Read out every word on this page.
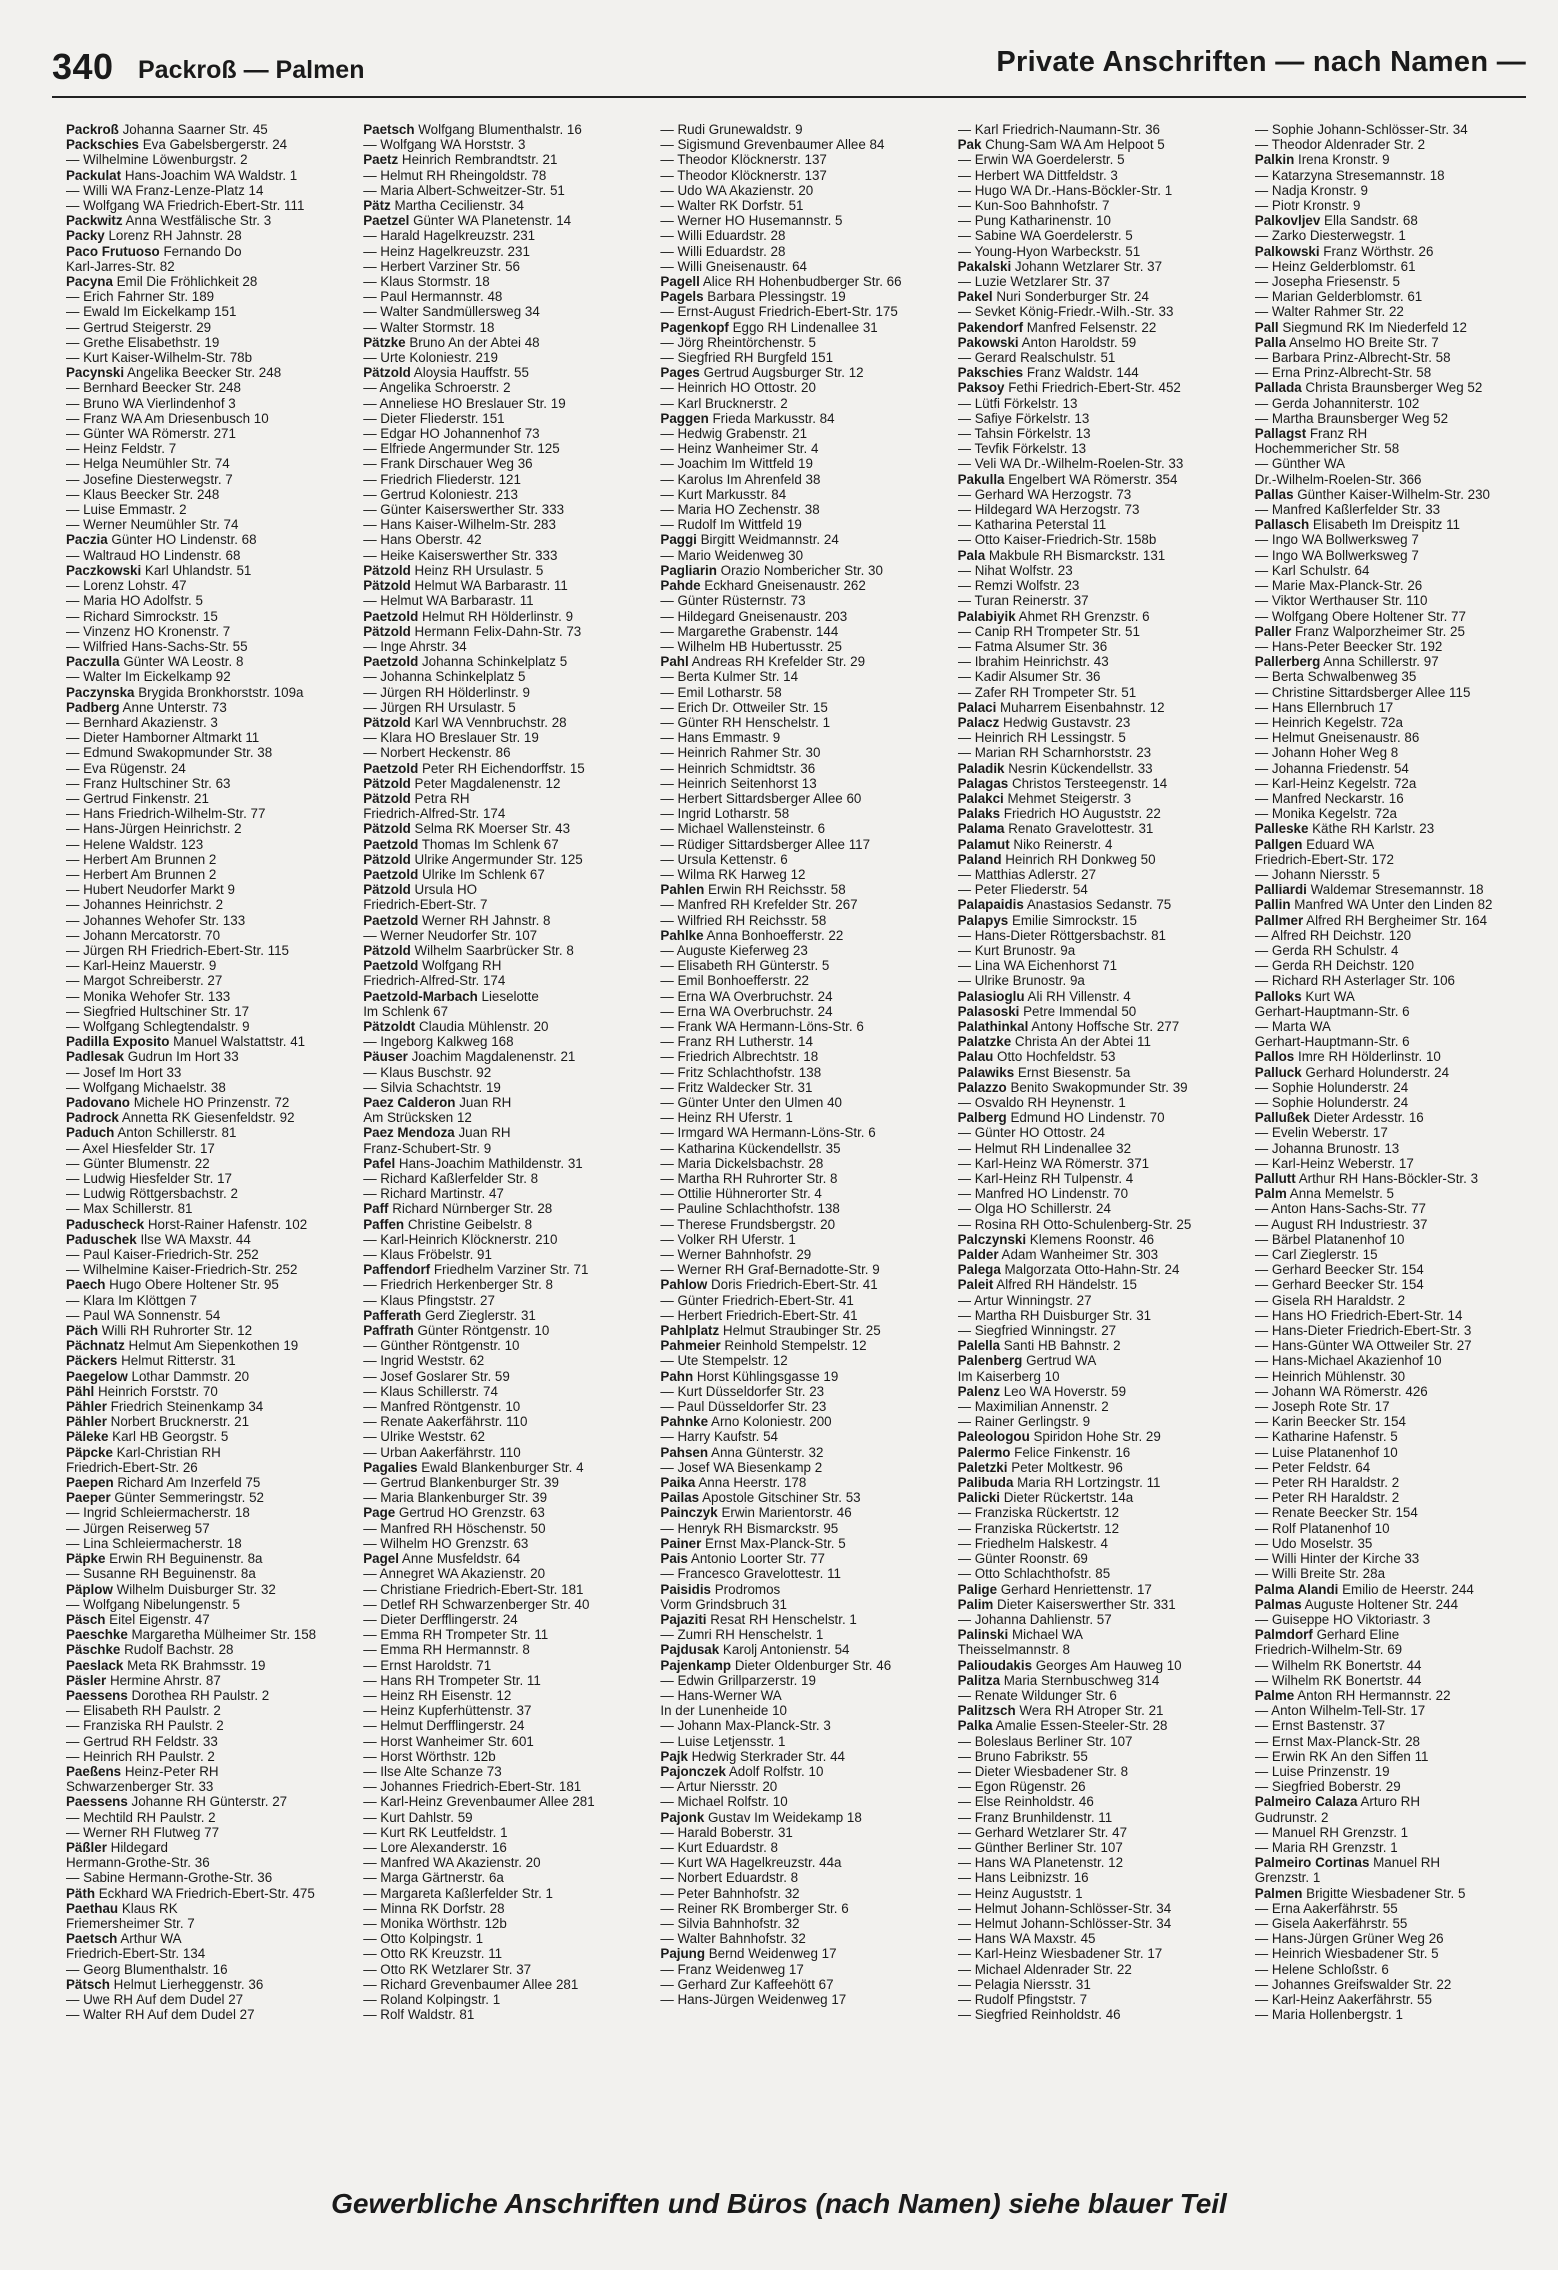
340 Packroß — Palmen	Private Anschriften — nach Namen —
Packroß Johanna Saarner Str. 45
Packschies Eva Gabelsbergerstr. 24
— Wilhelmine Löwenburgstr. 2
Packulat Hans-Joachim WA Waldstr. 1
— Willi WA Franz-Lenze-Platz 14
— Wolfgang WA Friedrich-Ebert-Str. 111
Packwitz Anna Westfälische Str. 3
Packy Lorenz RH Jahnstr. 28
Paco Frutuoso Fernando Do
Karl-Jarres-Str. 82
Pacyna Emil Die Fröhlichkeit 28
— Erich Fahrner Str. 189
— Ewald Im Eickelkamp 151
— Gertrud Steigerstr. 29
— Grethe Elisabethstr. 19
— Kurt Kaiser-Wilhelm-Str. 78b
Pacynski Angelika Beecker Str. 248
— Bernhard Beecker Str. 248
— Bruno WA Vierlindenhof 3
— Franz WA Am Driesenbusch 10
— Günter WA Römerstr. 271
— Heinz Feldstr. 7
— Helga Neumühler Str. 74
— Josefine Diesterwegstr. 7
— Klaus Beecker Str. 248
— Luise Emmastr. 2
— Werner Neumühler Str. 74
Paczia Günter HO Lindenstr. 68
— Waltraud HO Lindenstr. 68
Paczkowski Karl Uhlandstr. 51
— Lorenz Lohstr. 47
— Maria HO Adolfstr. 5
— Richard Simrockstr. 15
— Vinzenz HO Kronenstr. 7
— Wilfried Hans-Sachs-Str. 55
Paczulla Günter WA Leostr. 8
— Walter Im Eickelkamp 92
Paczynska Brygida Bronkhorststr. 109a
Padberg Anne Unterstr. 73
— Bernhard Akazienstr. 3
— Dieter Hamborner Altmarkt 11
— Edmund Swakopmunder Str. 38
— Eva Rügenstr. 24
— Franz Hultschiner Str. 63
— Gertrud Finkenstr. 21
— Hans Friedrich-Wilhelm-Str. 77
— Hans-Jürgen Heinrichstr. 2
— Helene Waldstr. 123
— Herbert Am Brunnen 2
— Herbert Am Brunnen 2
— Hubert Neudorfer Markt 9
— Johannes Heinrichstr. 2
— Johannes Wehofer Str. 133
— Johann Mercatorstr. 70
— Jürgen RH Friedrich-Ebert-Str. 115
— Karl-Heinz Mauerstr. 9
— Margot Schreiberstr. 27
— Monika Wehofer Str. 133
— Siegfried Hultschiner Str. 17
— Wolfgang Schlegtendalstr. 9
Padilla Exposito Manuel Walstattstr. 41
Padlesak Gudrun Im Hort 33
— Josef Im Hort 33
— Wolfgang Michaelstr. 38
Padovano Michele HO Prinzenstr. 72
Padrock Annetta RK Giesenfeldstr. 92
Paduch Anton Schillerstr. 81
— Axel Hiesfelder Str. 17
— Günter Blumenstr. 22
— Ludwig Hiesfelder Str. 17
— Ludwig Röttgersbachstr. 2
— Max Schillerstr. 81
Paduscheck Horst-Rainer Hafenstr. 102
Paduschek Ilse WA Maxstr. 44
— Paul Kaiser-Friedrich-Str. 252
— Wilhelmine Kaiser-Friedrich-Str. 252
Paech Hugo Obere Holtener Str. 95
— Klara Im Klöttgen 7
— Paul WA Sonnenstr. 54
Päch Willi RH Ruhrorter Str. 12
Pächnatz Helmut Am Siepenkothen 19
Päckers Helmut Ritterstr. 31
Paegelow Lothar Dammstr. 20
Pähl Heinrich Forststr. 70
Pähler Friedrich Steinenkamp 34
Pähler Norbert Brucknerstr. 21
Päleke Karl HB Georgstr. 5
Päpcke Karl-Christian RH
Friedrich-Ebert-Str. 26
Paepen Richard Am Inzerfeld 75
Paeper Günter Semmeringstr. 52
— Ingrid Schleiermacherstr. 18
— Jürgen Reiserweg 57
— Lina Schleiermacherstr. 18
Päpke Erwin RH Beguinenstr. 8a
— Susanne RH Beguinenstr. 8a
Päplow Wilhelm Duisburger Str. 32
— Wolfgang Nibelungenstr. 5
Päsch Eitel Eigenstr. 47
Paeschke Margaretha Mülheimer Str. 158
Päschke Rudolf Bachstr. 28
Paeslack Meta RK Brahmsstr. 19
Päsler Hermine Ahrstr. 87
Paessens Dorothea RH Paulstr. 2
— Elisabeth RH Paulstr. 2
— Franziska RH Paulstr. 2
— Gertrud RH Feldstr. 33
— Heinrich RH Paulstr. 2
Paeßens Heinz-Peter RH
Schwarzenberger Str. 33
Paessens Johanne RH Günterstr. 27
— Mechtild RH Paulstr. 2
— Werner RH Flutweg 77
Päßler Hildegard
Hermann-Grothe-Str. 36
— Sabine Hermann-Grothe-Str. 36
Päth Eckhard WA Friedrich-Ebert-Str. 475
Paethau Klaus RK
Friemersheimer Str. 7
Paetsch Arthur WA
Friedrich-Ebert-Str. 134
— Georg Blumenthalstr. 16
Pätsch Helmut Lierheggenstr. 36
— Uwe RH Auf dem Dudel 27
— Walter RH Auf dem Dudel 27
Paetsch Wolfgang Blumenthalstr. 16
— Wolfgang WA Horststr. 3
Paetz Heinrich Rembrandtstr. 21
— Helmut RH Rheingoldstr. 78
— Maria Albert-Schweitzer-Str. 51
Pätz Martha Cecilienstr. 34
Paetzel Günter WA Planetenstr. 14
— Harald Hagelkreuzstr. 231
— Heinz Hagelkreuzstr. 231
— Herbert Varziner Str. 56
— Klaus Stormstr. 18
— Paul Hermannstr. 48
— Walter Sandmüllersweg 34
— Walter Stormstr. 18
Pätzke Bruno An der Abtei 48
— Urte Koloniestr. 219
Pätzold Aloysia Hauffstr. 55
— Angelika Schroerstr. 2
— Anneliese HO Breslauer Str. 19
— Dieter Fliederstr. 151
— Edgar HO Johannenhof 73
— Elfriede Angermunder Str. 125
— Frank Dirschauer Weg 36
— Friedrich Fliederstr. 121
— Gertrud Koloniestr. 213
— Günter Kaiserswerther Str. 333
— Hans Kaiser-Wilhelm-Str. 283
— Hans Oberstr. 42
— Heike Kaiserswerther Str. 333
Pätzold Heinz RH Ursulastr. 5
Pätzold Helmut WA Barbarastr. 11
— Helmut WA Barbarastr. 11
Paetzold Helmut RH Hölderlinstr. 9
Pätzold Hermann Felix-Dahn-Str. 73
— Inge Ahrstr. 34
Paetzold Johanna Schinkelplatz 5
— Johanna Schinkelplatz 5
— Jürgen RH Hölderlinstr. 9
— Jürgen RH Ursulastr. 5
Pätzold Karl WA Vennbruchstr. 28
— Klara HO Breslauer Str. 19
— Norbert Heckenstr. 86
Paetzold Peter RH Eichendorffstr. 15
Pätzold Peter Magdalenenstr. 12
Pätzold Petra RH
Friedrich-Alfred-Str. 174
Pätzold Selma RK Moerser Str. 43
Paetzold Thomas Im Schlenk 67
Pätzold Ulrike Angermunder Str. 125
Paetzold Ulrike Im Schlenk 67
Pätzold Ursula HO
Friedrich-Ebert-Str. 7
Paetzold Werner RH Jahnstr. 8
— Werner Neudorfer Str. 107
Pätzold Wilhelm Saarbrücker Str. 8
Paetzold Wolfgang RH
Friedrich-Alfred-Str. 174
Paetzold-Marbach Lieselotte
Im Schlenk 67
Pätzoldt Claudia Mühlenstr. 20
— Ingeborg Kalkweg 168
Päuser Joachim Magdalenenstr. 21
— Klaus Buschstr. 92
— Silvia Schachtstr. 19
Paez Calderon Juan RH
Am Strücksken 12
Paez Mendoza Juan RH
Franz-Schubert-Str. 9
Pafel Hans-Joachim Mathildenstr. 31
— Richard Kaßlerfelder Str. 8
— Richard Martinstr. 47
Paff Richard Nürnberger Str. 28
Paffen Christine Geibelstr. 8
— Karl-Heinrich Klöcknerstr. 210
— Klaus Fröbelstr. 91
Paffendorf Friedhelm Varziner Str. 71
— Friedrich Herkenberger Str. 8
— Klaus Pfingststr. 27
Pafferath Gerd Zieglerstr. 31
Paffrath Günter Röntgenstr. 10
— Günther Röntgenstr. 10
— Ingrid Weststr. 62
— Josef Goslarer Str. 59
— Klaus Schillerstr. 74
— Manfred Röntgenstr. 10
— Renate Aakerfährstr. 110
— Ulrike Weststr. 62
— Urban Aakerfährstr. 110
Pagalies Ewald Blankenburger Str. 4
— Gertrud Blankenburger Str. 39
— Maria Blankenburger Str. 39
Page Gertrud HO Grenzstr. 63
— Manfred RH Höschenstr. 50
— Wilhelm HO Grenzstr. 63
Pagel Anne Musfeldstr. 64
— Annegret WA Akazienstr. 20
— Christiane Friedrich-Ebert-Str. 181
— Detlef RH Schwarzenberger Str. 40
— Dieter Derfflingerstr. 24
— Emma RH Trompeter Str. 11
— Emma RH Hermannstr. 8
— Ernst Haroldstr. 71
— Hans RH Trompeter Str. 11
— Heinz RH Eisenstr. 12
— Heinz Kupferhüttenstr. 37
— Helmut Derfflingerstr. 24
— Horst Wanheimer Str. 601
— Horst Wörthstr. 12b
— Ilse Alte Schanze 73
— Johannes Friedrich-Ebert-Str. 181
— Karl-Heinz Grevenbaumer Allee 281
— Kurt Dahlstr. 59
— Kurt RK Leutfeldstr. 1
— Lore Alexanderstr. 16
— Manfred WA Akazienstr. 20
— Marga Gärtnerstr. 6a
— Margareta Kaßlerfelder Str. 1
— Minna RK Dorfstr. 28
— Monika Wörthstr. 12b
— Otto Kolpingstr. 1
— Otto RK Kreuzstr. 11
— Otto RK Wetzlarer Str. 37
— Richard Grevenbaumer Allee 281
— Roland Kolpingstr. 1
— Rolf Waldstr. 81
— Rudi Grunewaldstr. 9
— Sigismund Grevenbaumer Allee 84
— Theodor Klöcknerstr. 137
— Theodor Klöcknerstr. 137
— Udo WA Akazienstr. 20
— Walter RK Dorfstr. 51
— Werner HO Husemannstr. 5
— Willi Eduardstr. 28
— Willi Eduardstr. 28
— Willi Gneisenaustr. 64
Pagell Alice RH Hohenbudberger Str. 66
Pagels Barbara Plessingstr. 19
— Ernst-August Friedrich-Ebert-Str. 175
Pagenkopf Eggo RH Lindenallee 31
— Jörg Rheintörchenstr. 5
— Siegfried RH Burgfeld 151
Pages Gertrud Augsburger Str. 12
— Heinrich HO Ottostr. 20
— Karl Brucknerstr. 2
Paggen Frieda Markusstr. 84
— Hedwig Grabenstr. 21
— Heinz Wanheimer Str. 4
— Joachim Im Wittfeld 19
— Karolus Im Ahrenfeld 38
— Kurt Markusstr. 84
— Maria HO Zechenstr. 38
— Rudolf Im Wittfeld 19
Paggi Birgitt Weidmannstr. 24
— Mario Weidenweg 30
Pagliarin Orazio Nombericher Str. 30
Pahde Eckhard Gneisenaustr. 262
— Günter Rüsternstr. 73
— Hildegard Gneisenaustr. 203
— Margarethe Grabenstr. 144
— Wilhelm HB Hubertusstr. 25
Pahl Andreas RH Krefelder Str. 29
— Berta Kulmer Str. 14
— Emil Lotharstr. 58
— Erich Dr. Ottweiler Str. 15
— Günter RH Henschelstr. 1
— Hans Emmastr. 9
— Heinrich Rahmer Str. 30
— Heinrich Schmidtstr. 36
— Heinrich Seitenhorst 13
— Herbert Sittardsberger Allee 60
— Ingrid Lotharstr. 58
— Michael Wallensteinstr. 6
— Rüdiger Sittardsberger Allee 117
— Ursula Kettenstr. 6
— Wilma RK Harweg 12
Pahlen Erwin RH Reichsstr. 58
— Manfred RH Krefelder Str. 267
— Wilfried RH Reichsstr. 58
Pahlke Anna Bonhoefferstr. 22
— Auguste Kieferweg 23
— Elisabeth RH Günterstr. 5
— Emil Bonhoefferstr. 22
— Erna WA Overbruchstr. 24
— Erna WA Overbruchstr. 24
— Frank WA Hermann-Löns-Str. 6
— Franz RH Lutherstr. 14
— Friedrich Albrechtstr. 18
— Fritz Schlachthofstr. 138
— Fritz Waldecker Str. 31
— Günter Unter den Ulmen 40
— Heinz RH Uferstr. 1
— Irmgard WA Hermann-Löns-Str. 6
— Katharina Kückendellstr. 35
— Maria Dickelsbachstr. 28
— Martha RH Ruhrorter Str. 8
— Ottilie Hühnerorter Str. 4
— Pauline Schlachthofstr. 138
— Therese Frundsbergstr. 20
— Volker RH Uferstr. 1
— Werner Bahnhofstr. 29
— Werner RH Graf-Bernadotte-Str. 9
Pahlow Doris Friedrich-Ebert-Str. 41
— Günter Friedrich-Ebert-Str. 41
— Herbert Friedrich-Ebert-Str. 41
Pahlplatz Helmut Straubinger Str. 25
Pahmeier Reinhold Stempelstr. 12
— Ute Stempelstr. 12
Pahn Horst Kühlingsgasse 19
— Kurt Düsseldorfer Str. 23
— Paul Düsseldorfer Str. 23
Pahnke Arno Koloniestr. 200
— Harry Kaufstr. 54
Pahsen Anna Günterstr. 32
— Josef WA Biesenkamp 2
Paika Anna Heerstr. 178
Pailas Apostole Gitschiner Str. 53
Painczyk Erwin Marientorstr. 46
— Henryk RH Bismarckstr. 95
Painer Ernst Max-Planck-Str. 5
Pais Antonio Loorter Str. 77
— Francesco Gravelottestr. 11
Paisidis Prodromos
Vorm Grindsbruch 31
Pajaziti Resat RH Henschelstr. 1
— Zumri RH Henschelstr. 1
Pajdusak Karolj Antonienstr. 54
Pajenkamp Dieter Oldenburger Str. 46
— Edwin Grillparzerstr. 19
— Hans-Werner WA
In der Lunenheide 10
— Johann Max-Planck-Str. 3
— Luise Letjensstr. 1
Pajk Hedwig Sterkrader Str. 44
Pajonczek Adolf Rolfstr. 10
— Artur Niersstr. 20
— Michael Rolfstr. 10
Pajonk Gustav Im Weidekamp 18
— Harald Boberstr. 31
— Kurt Eduardstr. 8
— Kurt WA Hagelkreuzstr. 44a
— Norbert Eduardstr. 8
— Peter Bahnhofstr. 32
— Reiner RK Bromberger Str. 6
— Silvia Bahnhofstr. 32
— Walter Bahnhofstr. 32
Pajung Bernd Weidenweg 17
— Franz Weidenweg 17
— Gerhard Zur Kaffeehött 67
— Hans-Jürgen Weidenweg 17
— Karl Friedrich-Naumann-Str. 36
Pak Chung-Sam WA Am Helpoot 5
— Erwin WA Goerdelerstr. 5
— Herbert WA Dittfeldstr. 3
— Hugo WA Dr.-Hans-Böckler-Str. 1
— Kun-Soo Bahnhofstr. 7
— Pung Katharinenstr. 10
— Sabine WA Goerdelerstr. 5
— Young-Hyon Warbeckstr. 51
Pakalski Johann Wetzlarer Str. 37
— Luzie Wetzlarer Str. 37
Pakel Nuri Sonderburger Str. 24
— Sevket König-Friedr.-Wilh.-Str. 33
Pakendorf Manfred Felsenstr. 22
Pakowski Anton Haroldstr. 59
— Gerard Realschulstr. 51
Pakschies Franz Waldstr. 144
Paksoy Fethi Friedrich-Ebert-Str. 452
— Lütfi Förkelstr. 13
— Safiye Förkelstr. 13
— Tahsin Förkelstr. 13
— Tevfik Förkelstr. 13
— Veli WA Dr.-Wilhelm-Roelen-Str. 33
Pakulla Engelbert WA Römerstr. 354
— Gerhard WA Herzogstr. 73
— Hildegard WA Herzogstr. 73
— Katharina Peterstal 11
— Otto Kaiser-Friedrich-Str. 158b
Pala Makbule RH Bismarckstr. 131
— Nihat Wolfstr. 23
— Remzi Wolfstr. 23
— Turan Reinerstr. 37
Palabiyik Ahmet RH Grenzstr. 6
— Canip RH Trompeter Str. 51
— Fatma Alsumer Str. 36
— Ibrahim Heinrichstr. 43
— Kadir Alsumer Str. 36
— Zafer RH Trompeter Str. 51
Palaci Muharrem Eisenbahnstr. 12
Palacz Hedwig Gustavstr. 23
— Heinrich RH Lessingstr. 5
— Marian RH Scharnhorststr. 23
Paladik Nesrin Kückendellstr. 33
Palagas Christos Tersteegenstr. 14
Palakci Mehmet Steigerstr. 3
Palaks Friedrich HO Auguststr. 22
Palama Renato Gravelottestr. 31
Palamut Niko Reinerstr. 4
Paland Heinrich RH Donkweg 50
— Matthias Adlerstr. 27
— Peter Fliederstr. 54
Palapaidis Anastasios Sedanstr. 75
Palapys Emilie Simrockstr. 15
— Hans-Dieter Röttgersbachstr. 81
— Kurt Brunostr. 9a
— Lina WA Eichenhorst 71
— Ulrike Brunostr. 9a
Palasioglu Ali RH Villenstr. 4
Palasoski Petre Immendal 50
Palathinkal Antony Hoffsche Str. 277
Palatzke Christa An der Abtei 11
Palau Otto Hochfeldstr. 53
Palawiks Ernst Biesenstr. 5a
Palazzo Benito Swakopmunder Str. 39
— Osvaldo RH Heynenstr. 1
Palberg Edmund HO Lindenstr. 70
— Günter HO Ottostr. 24
— Helmut RH Lindenallee 32
— Karl-Heinz WA Römerstr. 371
— Karl-Heinz RH Tulpenstr. 4
— Manfred HO Lindenstr. 70
— Olga HO Schillerstr. 24
— Rosina RH Otto-Schulenberg-Str. 25
Palczynski Klemens Roonstr. 46
Palder Adam Wanheimer Str. 303
Palega Malgorzata Otto-Hahn-Str. 24
Paleit Alfred RH Händelstr. 15
— Artur Winningstr. 27
— Martha RH Duisburger Str. 31
— Siegfried Winningstr. 27
Palella Santi HB Bahnstr. 2
Palenberg Gertrud WA
Im Kaiserberg 10
Palenz Leo WA Hoverstr. 59
— Maximilian Annenstr. 2
— Rainer Gerlingstr. 9
Paleologou Spiridon Hohe Str. 29
Palermo Felice Finkenstr. 16
Paletzki Peter Moltkestr. 96
Palibuda Maria RH Lortzingstr. 11
Palicki Dieter Rückertstr. 14a
— Franziska Rückertstr. 12
— Franziska Rückertstr. 12
— Friedhelm Halskestr. 4
— Günter Roonstr. 69
— Otto Schlachthofstr. 85
Palige Gerhard Henriettenstr. 17
Palim Dieter Kaiserswerther Str. 331
— Johanna Dahlienstr. 57
Palinski Michael WA
Theisselmannstr. 8
Palioudakis Georges Am Hauweg 10
Palitza Maria Sternbuschweg 314
— Renate Wildunger Str. 6
Palitzsch Wera RH Atroper Str. 21
Palka Amalie Essen-Steeler-Str. 28
— Boleslaus Berliner Str. 107
— Bruno Fabrikstr. 55
— Dieter Wiesbadener Str. 8
— Egon Rügenstr. 26
— Else Reinholdstr. 46
— Franz Brunhildenstr. 11
— Gerhard Wetzlarer Str. 47
— Günther Berliner Str. 107
— Hans WA Planetenstr. 12
— Hans Leibnizstr. 16
— Heinz Auguststr. 1
— Helmut Johann-Schlösser-Str. 34
— Helmut Johann-Schlösser-Str. 34
— Hans WA Maxstr. 45
— Karl-Heinz Wiesbadener Str. 17
— Michael Aldenrader Str. 22
— Pelagia Niersstr. 31
— Rudolf Pfingststr. 7
— Siegfried Reinholdstr. 46
— Sophie Johann-Schlösser-Str. 34
— Theodor Aldenrader Str. 2
Palkin Irena Kronstr. 9
— Katarzyna Stresemannstr. 18
— Nadja Kronstr. 9
— Piotr Kronstr. 9
Palkovljev Ella Sandstr. 68
— Zarko Diesterwegstr. 1
Palkowski Franz Wörthstr. 26
— Heinz Gelderblomstr. 61
— Josepha Friesenstr. 5
— Marian Gelderblomstr. 61
— Walter Rahmer Str. 22
Pall Siegmund RK Im Niederfeld 12
Palla Anselmo HO Breite Str. 7
— Barbara Prinz-Albrecht-Str. 58
— Erna Prinz-Albrecht-Str. 58
Pallada Christa Braunsberger Weg 52
— Gerda Johanniterstr. 102
— Martha Braunsberger Weg 52
Pallagst Franz RH
Hochemmericher Str. 58
— Günther WA
Dr.-Wilhelm-Roelen-Str. 366
Pallas Günther Kaiser-Wilhelm-Str. 230
— Manfred Kaßlerfelder Str. 33
Pallasch Elisabeth Im Dreispitz 11
— Ingo WA Bollwerksweg 7
— Ingo WA Bollwerksweg 7
— Karl Schulstr. 64
— Marie Max-Planck-Str. 26
— Viktor Werthauser Str. 110
— Wolfgang Obere Holtener Str. 77
Paller Franz Walporzheimer Str. 25
— Hans-Peter Beecker Str. 192
Pallerberg Anna Schillerstr. 97
— Berta Schwalbenweg 35
— Christine Sittardsberger Allee 115
— Hans Ellernbruch 17
— Heinrich Kegelstr. 72a
— Helmut Gneisenaustr. 86
— Johann Hoher Weg 8
— Johanna Friedenstr. 54
— Karl-Heinz Kegelstr. 72a
— Manfred Neckarstr. 16
— Monika Kegelstr. 72a
Palleske Käthe RH Karlstr. 23
Pallgen Eduard WA
Friedrich-Ebert-Str. 172
— Johann Niersstr. 5
Palliardi Waldemar Stresemannstr. 18
Pallin Manfred WA Unter den Linden 82
Pallmer Alfred RH Bergheimer Str. 164
— Alfred RH Deichstr. 120
— Gerda RH Schulstr. 4
— Gerda RH Deichstr. 120
— Richard RH Asterlager Str. 106
Palloks Kurt WA
Gerhart-Hauptmann-Str. 6
— Marta WA
Gerhart-Hauptmann-Str. 6
Pallos Imre RH Hölderlinstr. 10
Palluck Gerhard Holunderstr. 24
— Sophie Holunderstr. 24
— Sophie Holunderstr. 24
Pallußek Dieter Ardesstr. 16
— Evelin Weberstr. 17
— Johanna Brunostr. 13
— Karl-Heinz Weberstr. 17
Pallutt Arthur RH Hans-Böckler-Str. 3
Palm Anna Memelstr. 5
— Anton Hans-Sachs-Str. 77
— August RH Industriestr. 37
— Bärbel Platanenhof 10
— Carl Zieglerstr. 15
— Gerhard Beecker Str. 154
— Gerhard Beecker Str. 154
— Gisela RH Haraldstr. 2
— Hans HO Friedrich-Ebert-Str. 14
— Hans-Dieter Friedrich-Ebert-Str. 3
— Hans-Günter WA Ottweiler Str. 27
— Hans-Michael Akazienhof 10
— Heinrich Mühlenstr. 30
— Johann WA Römerstr. 426
— Joseph Rote Str. 17
— Karin Beecker Str. 154
— Katharine Hafenstr. 5
— Luise Platanenhof 10
— Peter Feldstr. 64
— Peter RH Haraldstr. 2
— Peter RH Haraldstr. 2
— Renate Beecker Str. 154
— Rolf Platanenhof 10
— Udo Moselstr. 35
— Willi Hinter der Kirche 33
— Willi Breite Str. 28a
Palma Alandi Emilio de Heerstr. 244
Palmas Auguste Holtener Str. 244
— Guiseppe HO Viktoriastr. 3
Palmdorf Gerhard Eline
Friedrich-Wilhelm-Str. 69
— Wilhelm RK Bonertstr. 44
— Wilhelm RK Bonertstr. 44
Palme Anton RH Hermannstr. 22
— Anton Wilhelm-Tell-Str. 17
— Ernst Bastenstr. 37
— Ernst Max-Planck-Str. 28
— Erwin RK An den Siffen 11
— Luise Prinzenstr. 19
— Siegfried Boberstr. 29
Palmeiro Calaza Arturo RH
Gudrunstr. 2
— Manuel RH Grenzstr. 1
— Maria RH Grenzstr. 1
Palmeiro Cortinas Manuel RH
Grenzstr. 1
Palmen Brigitte Wiesbadener Str. 5
— Erna Aakerfährstr. 55
— Gisela Aakerfährstr. 55
— Hans-Jürgen Grüner Weg 26
— Heinrich Wiesbadener Str. 5
— Helene Schloßstr. 6
— Johannes Greifswalder Str. 22
— Karl-Heinz Aakerfährstr. 55
— Maria Hollenbergstr. 1
Gewerbliche Anschriften und Büros (nach Namen) siehe blauer Teil
